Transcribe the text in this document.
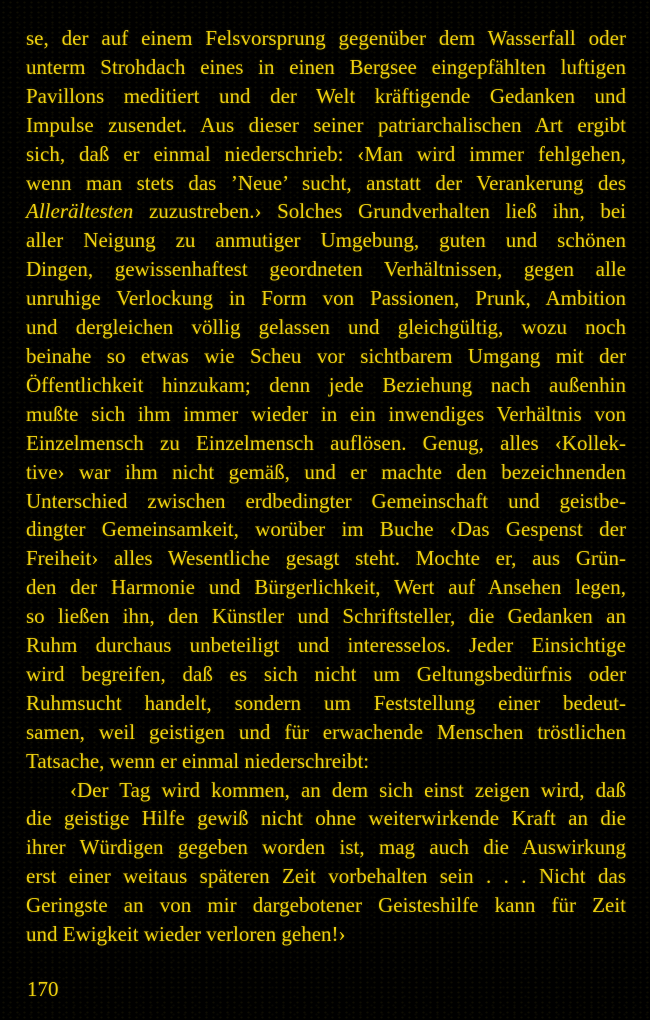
se, der auf einem Felsvorsprung gegenüber dem Wasserfall oder
unterm Strohdach eines in einen Bergsee eingepfählten luftigen
Pavillons meditiert und der Welt kräftigende Gedanken und
Impulse zusendet. Aus dieser seiner patriarchalischen Art ergibt
sich, daß er einmal niederschrieb: ‹Man wird immer fehlgehen,
wenn man stets das ’Neue’ sucht, anstatt der Verankerung des
Allerältesten zuzustreben.› Solches Grundverhalten ließ ihn, bei
aller Neigung zu anmutiger Umgebung, guten und schönen
Dingen, gewissenhaftest geordneten Verhältnissen, gegen alle
unruhige Verlockung in Form von Passionen, Prunk, Ambition
und dergleichen völlig gelassen und gleichgültig, wozu noch
beinahe so etwas wie Scheu vor sichtbarem Umgang mit der
Öffentlichkeit hinzukam; denn jede Beziehung nach außenhin
mußte sich ihm immer wieder in ein inwendiges Verhältnis von
Einzelmensch zu Einzelmensch auflösen. Genug, alles ‹Kollek-
tive› war ihm nicht gemäß, und er machte den bezeichnenden
Unterschied zwischen erdbedingter Gemeinschaft und geistbe-
dingter Gemeinsamkeit, worüber im Buche ‹Das Gespenst der
Freiheit› alles Wesentliche gesagt steht. Mochte er, aus Grün-
den der Harmonie und Bürgerlichkeit, Wert auf Ansehen legen,
so ließen ihn, den Künstler und Schriftsteller, die Gedanken an
Ruhm durchaus unbeteiligt und interesselos. Jeder Einsichtige
wird begreifen, daß es sich nicht um Geltungsbedürfnis oder
Ruhmsucht handelt, sondern um Feststellung einer bedeut-
samen, weil geistigen und für erwachende Menschen tröstlichen
Tatsache, wenn er einmal niederschreibt:
‹Der Tag wird kommen, an dem sich einst zeigen wird, daß
die geistige Hilfe gewiß nicht ohne weiterwirkende Kraft an die
ihrer Würdigen gegeben worden ist, mag auch die Auswirkung
erst einer weitaus späteren Zeit vorbehalten sein . . . Nicht das
Geringste an von mir dargebotener Geisteshilfe kann für Zeit
und Ewigkeit wieder verloren gehen!›
170
